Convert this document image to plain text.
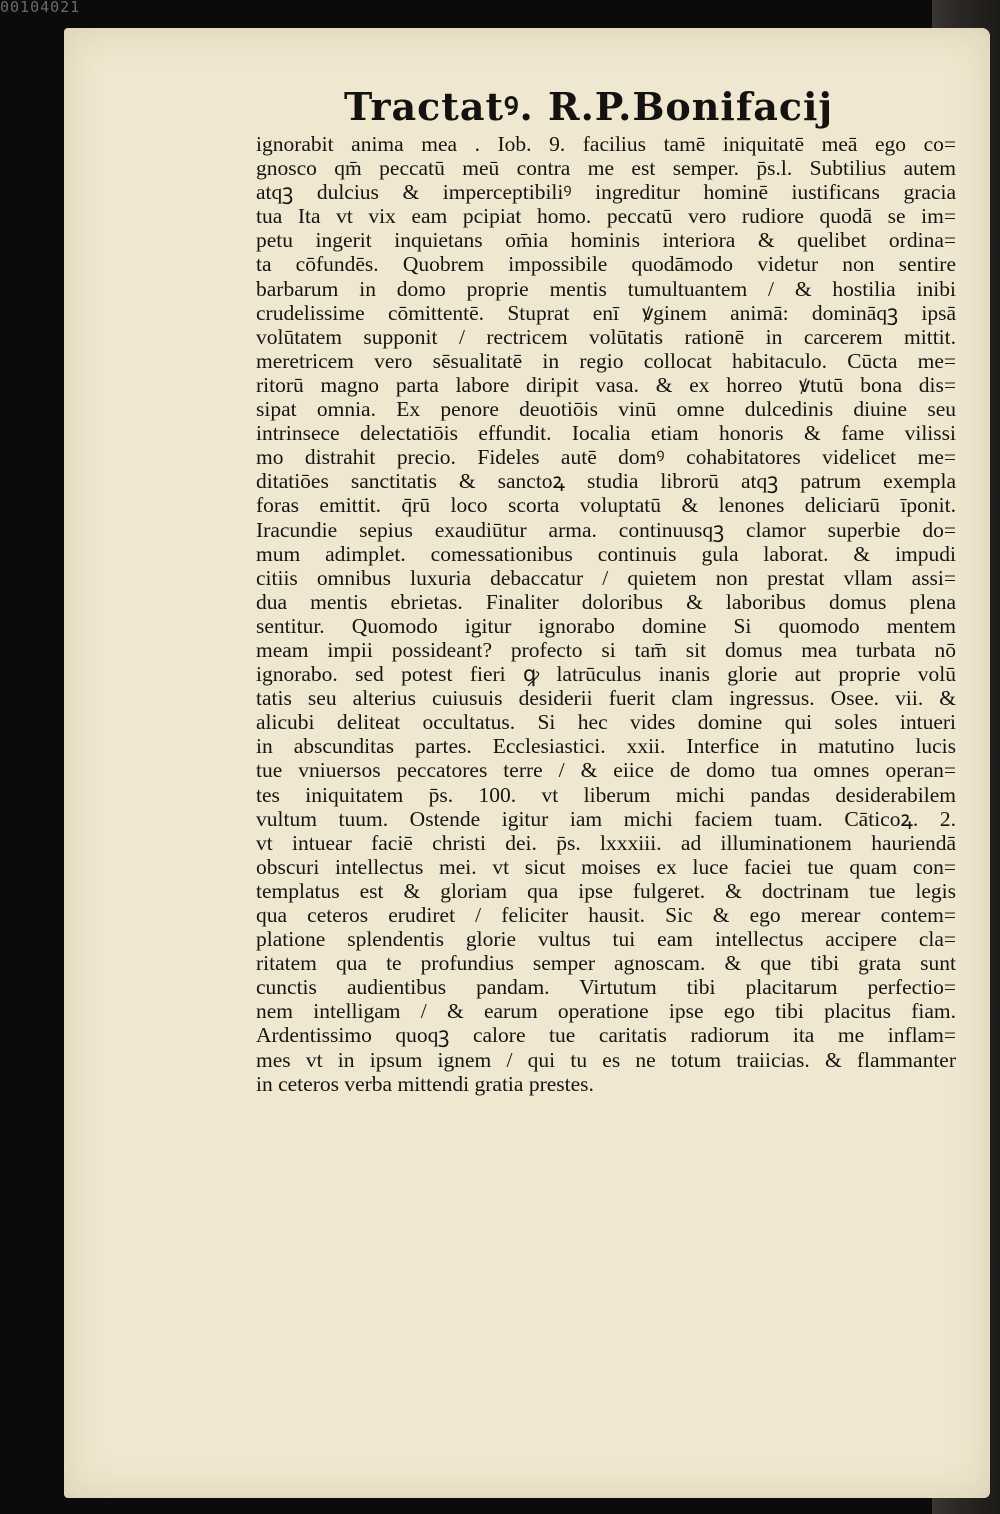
00104021
Tractatꝰ. R.P.Bonifacij
ignorabit anima mea . Iob. 9. facilius tamē iniquitatē meā ego co=
gnosco qm̄ peccatū meū contra me est semper. p̄s.l. Subtilius autem
atqꝫ dulcius & imperceptibiliꝰ ingreditur hominē iustificans gracia
tua Ita vt vix eam pcipiat homo. peccatū vero rudiore quodā se im=
petu ingerit inquietans om̄ia hominis interiora & quelibet ordina=
ta cōfundēs. Quobrem impossibile quodāmodo videtur non sentire
barbarum in domo proprie mentis tumultuantem / & hostilia inibi
crudelissime cōmittentē. Stuprat enī ꝟginem animā: domināqꝫ ipsā
volūtatem supponit / rectricem volūtatis rationē in carcerem mittit.
meretricem vero sēsualitatē in regio collocat habitaculo. Cūcta me=
ritorū magno parta labore diripit vasa. & ex horreo ꝟtutū bona dis=
sipat omnia. Ex penore deuotiōis vinū omne dulcedinis diuine seu
intrinsece delectatiōis effundit. Iocalia etiam honoris & fame vilissi
mo distrahit precio. Fideles autē domꝰ cohabitatores videlicet me=
ditatiōes sanctitatis & sanctoꝝ studia librorū atqꝫ patrum exempla
foras emittit. q̄rū loco scorta voluptatū & lenones deliciarū īponit.
Iracundie sepius exaudiūtur arma. continuusqꝫ clamor superbie do=
mum adimplet. comessationibus continuis gula laborat. & impudi
citiis omnibus luxuria debaccatur / quietem non prestat vllam assi=
dua mentis ebrietas. Finaliter doloribus & laboribus domus plena
sentitur. Quomodo igitur ignorabo domine Si quomodo mentem
meam impii possideant? profecto si tam̄ sit domus mea turbata nō
ignorabo. sed potest fieri ꝙ latrūculus inanis glorie aut proprie volū
tatis seu alterius cuiusuis desiderii fuerit clam ingressus. Osee. vii. &
alicubi deliteat occultatus. Si hec vides domine qui soles intueri
in abscunditas partes. Ecclesiastici. xxii. Interfice in matutino lucis
tue vniuersos peccatores terre / & eiice de domo tua omnes operan=
tes iniquitatem p̄s. 100. vt liberum michi pandas desiderabilem
vultum tuum. Ostende igitur iam michi faciem tuam. Cāticoꝝ. 2.
vt intuear faciē christi dei. p̄s. lxxxiii. ad illuminationem hauriendā
obscuri intellectus mei. vt sicut moises ex luce faciei tue quam con=
templatus est & gloriam qua ipse fulgeret. & doctrinam tue legis
qua ceteros erudiret / feliciter hausit. Sic & ego merear contem=
platione splendentis glorie vultus tui eam intellectus accipere cla=
ritatem qua te profundius semper agnoscam. & que tibi grata sunt
cunctis audientibus pandam. Virtutum tibi placitarum perfectio=
nem intelligam / & earum operatione ipse ego tibi placitus fiam.
Ardentissimo quoqꝫ calore tue caritatis radiorum ita me inflam=
mes vt in ipsum ignem / qui tu es ne totum traiicias. & flammanter
in ceteros verba mittendi gratia prestes.
